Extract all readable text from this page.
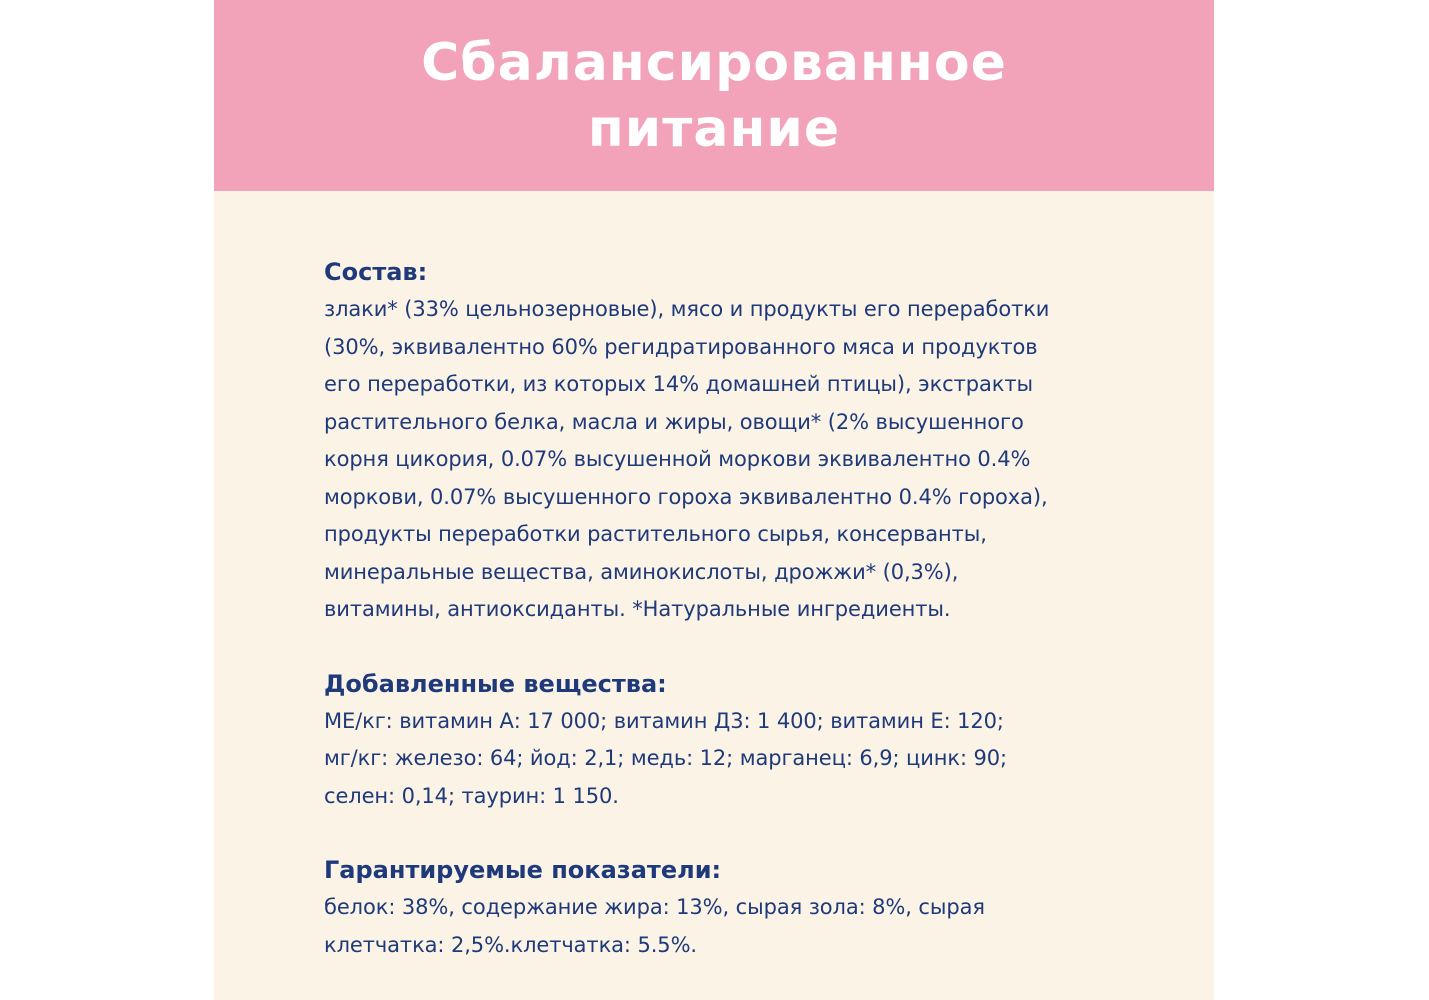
Сбалансированное
питание

Состав:

злаки* (33% цельнозерновые), мясо и продукты его переработки
(30%, эквивалентно 60% регидратированного мяса и продуктов
его переработки, из которых 14% домашней птицы), экстракты
растительного белка, масла и жиры, овощи* (2% высушенного
корня цикория, 0.07% высушенной моркови эквивалентно 0.4%
моркови, 0.07% высушенного гороха эквивалентно 0.4% гороха),
продукты переработки растительного сырья, консерванты,
минеральные вещества, аминокислоты, дрожжи* (0,3%),
витамины, антиоксиданты. *Натуральные ингредиенты.

Добавленные вещества:

МЕ/кг: витамин А: 17 000; витамин Д3: 1 400; витамин Е: 120;
мг/кг: железо: 64; йод: 2,1; медь: 12; марганец: 6,9; цинк: 90;
селен: 0,14; таурин: 1 150.

Гарантируемые показатели:

белок: 38%, содержание жира: 13%, сырая зола: 8%, сырая
клетчатка: 2,5%.клетчатка: 5.5%.
